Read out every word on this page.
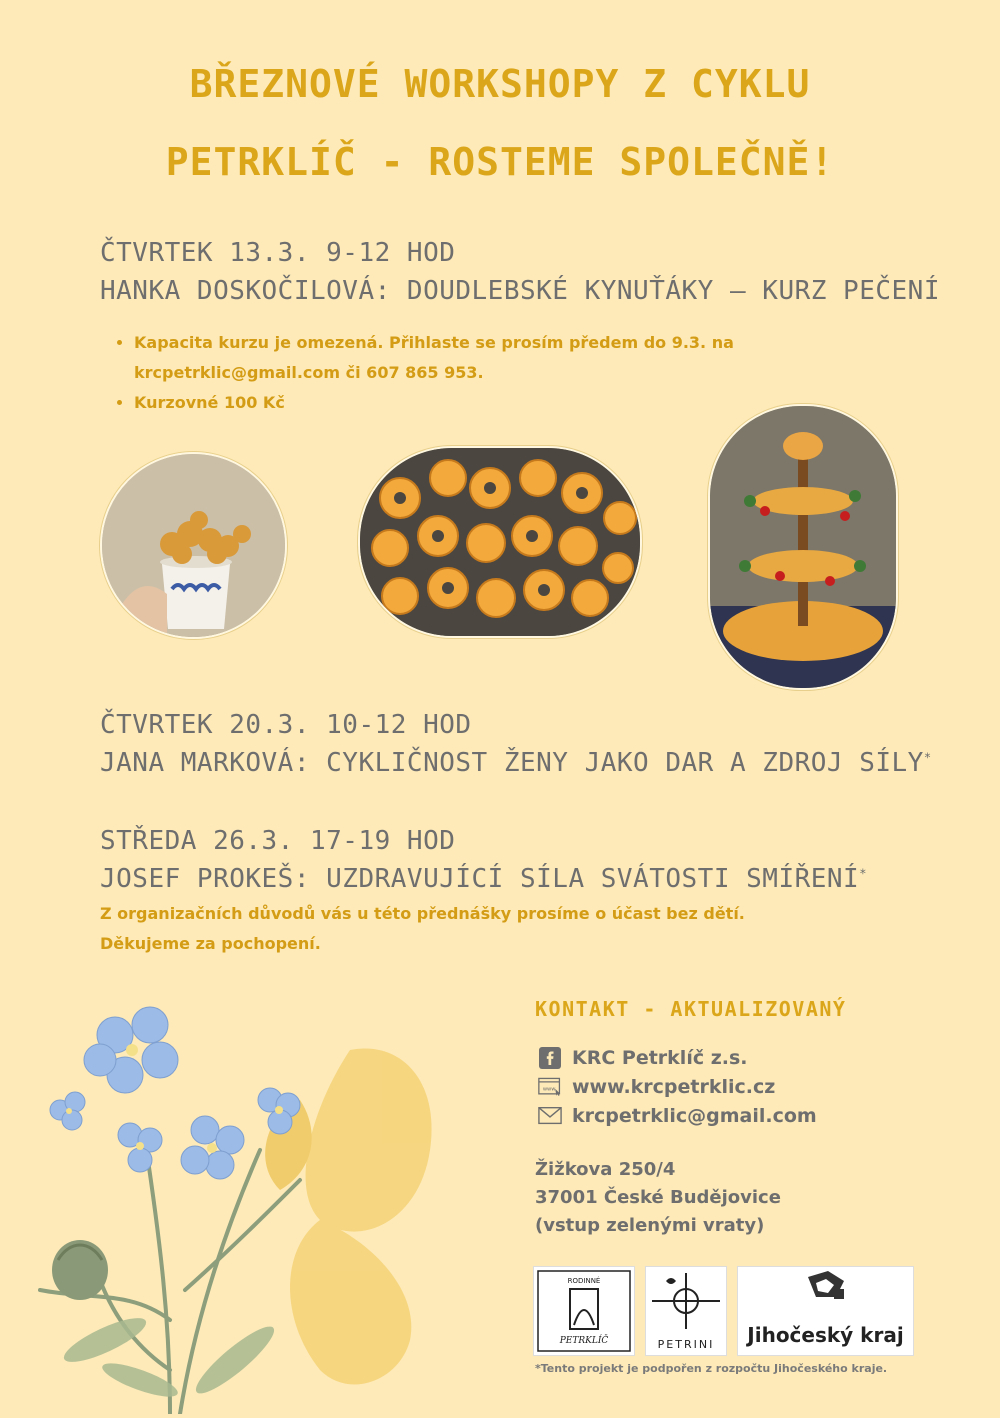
BŘEZNOVÉ WORKSHOPY Z CYKLU
PETRKLÍČ - ROSTEME SPOLEČNĚ!

ČTVRTEK 13.3. 9-12 HOD

HANKA DOSKOČILOVÁ: DOUDLEBSKÉ KYNUŤÁKY – KURZ PEČENÍ

• Kapacita kurzu je omezená. Přihlaste se prosím předem do 9.3. na krcpetrklic@gmail.com či 607 865 953.
• Kurzovné 100 Kč

ČTVRTEK 20.3. 10-12 HOD

JANA MARKOVÁ: CYKLIČNOST ŽENY JAKO DAR A ZDROJ SÍLY*

STŘEDA 26.3. 17-19 HOD

JOSEF PROKEŠ: UZDRAVUJÍCÍ SÍLA SVÁTOSTI SMÍŘENÍ*

Z organizačních důvodů vás u této přednášky prosíme o účast bez dětí.

Děkujeme za pochopení.

KONTAKT - AKTUALIZOVANÝ

KRC Petrklíč z.s.
www www.krcpetrklic.cz
krcpetrklic@gmail.com

Žižkova 250/4
37001 České Budějovice
(vstup zelenými vraty)

RODINNÉ
PETRKLÍČ	PETRINI	Jihočeský kraj
*Tento projekt je podpořen z rozpočtu Jihočeského kraje.
